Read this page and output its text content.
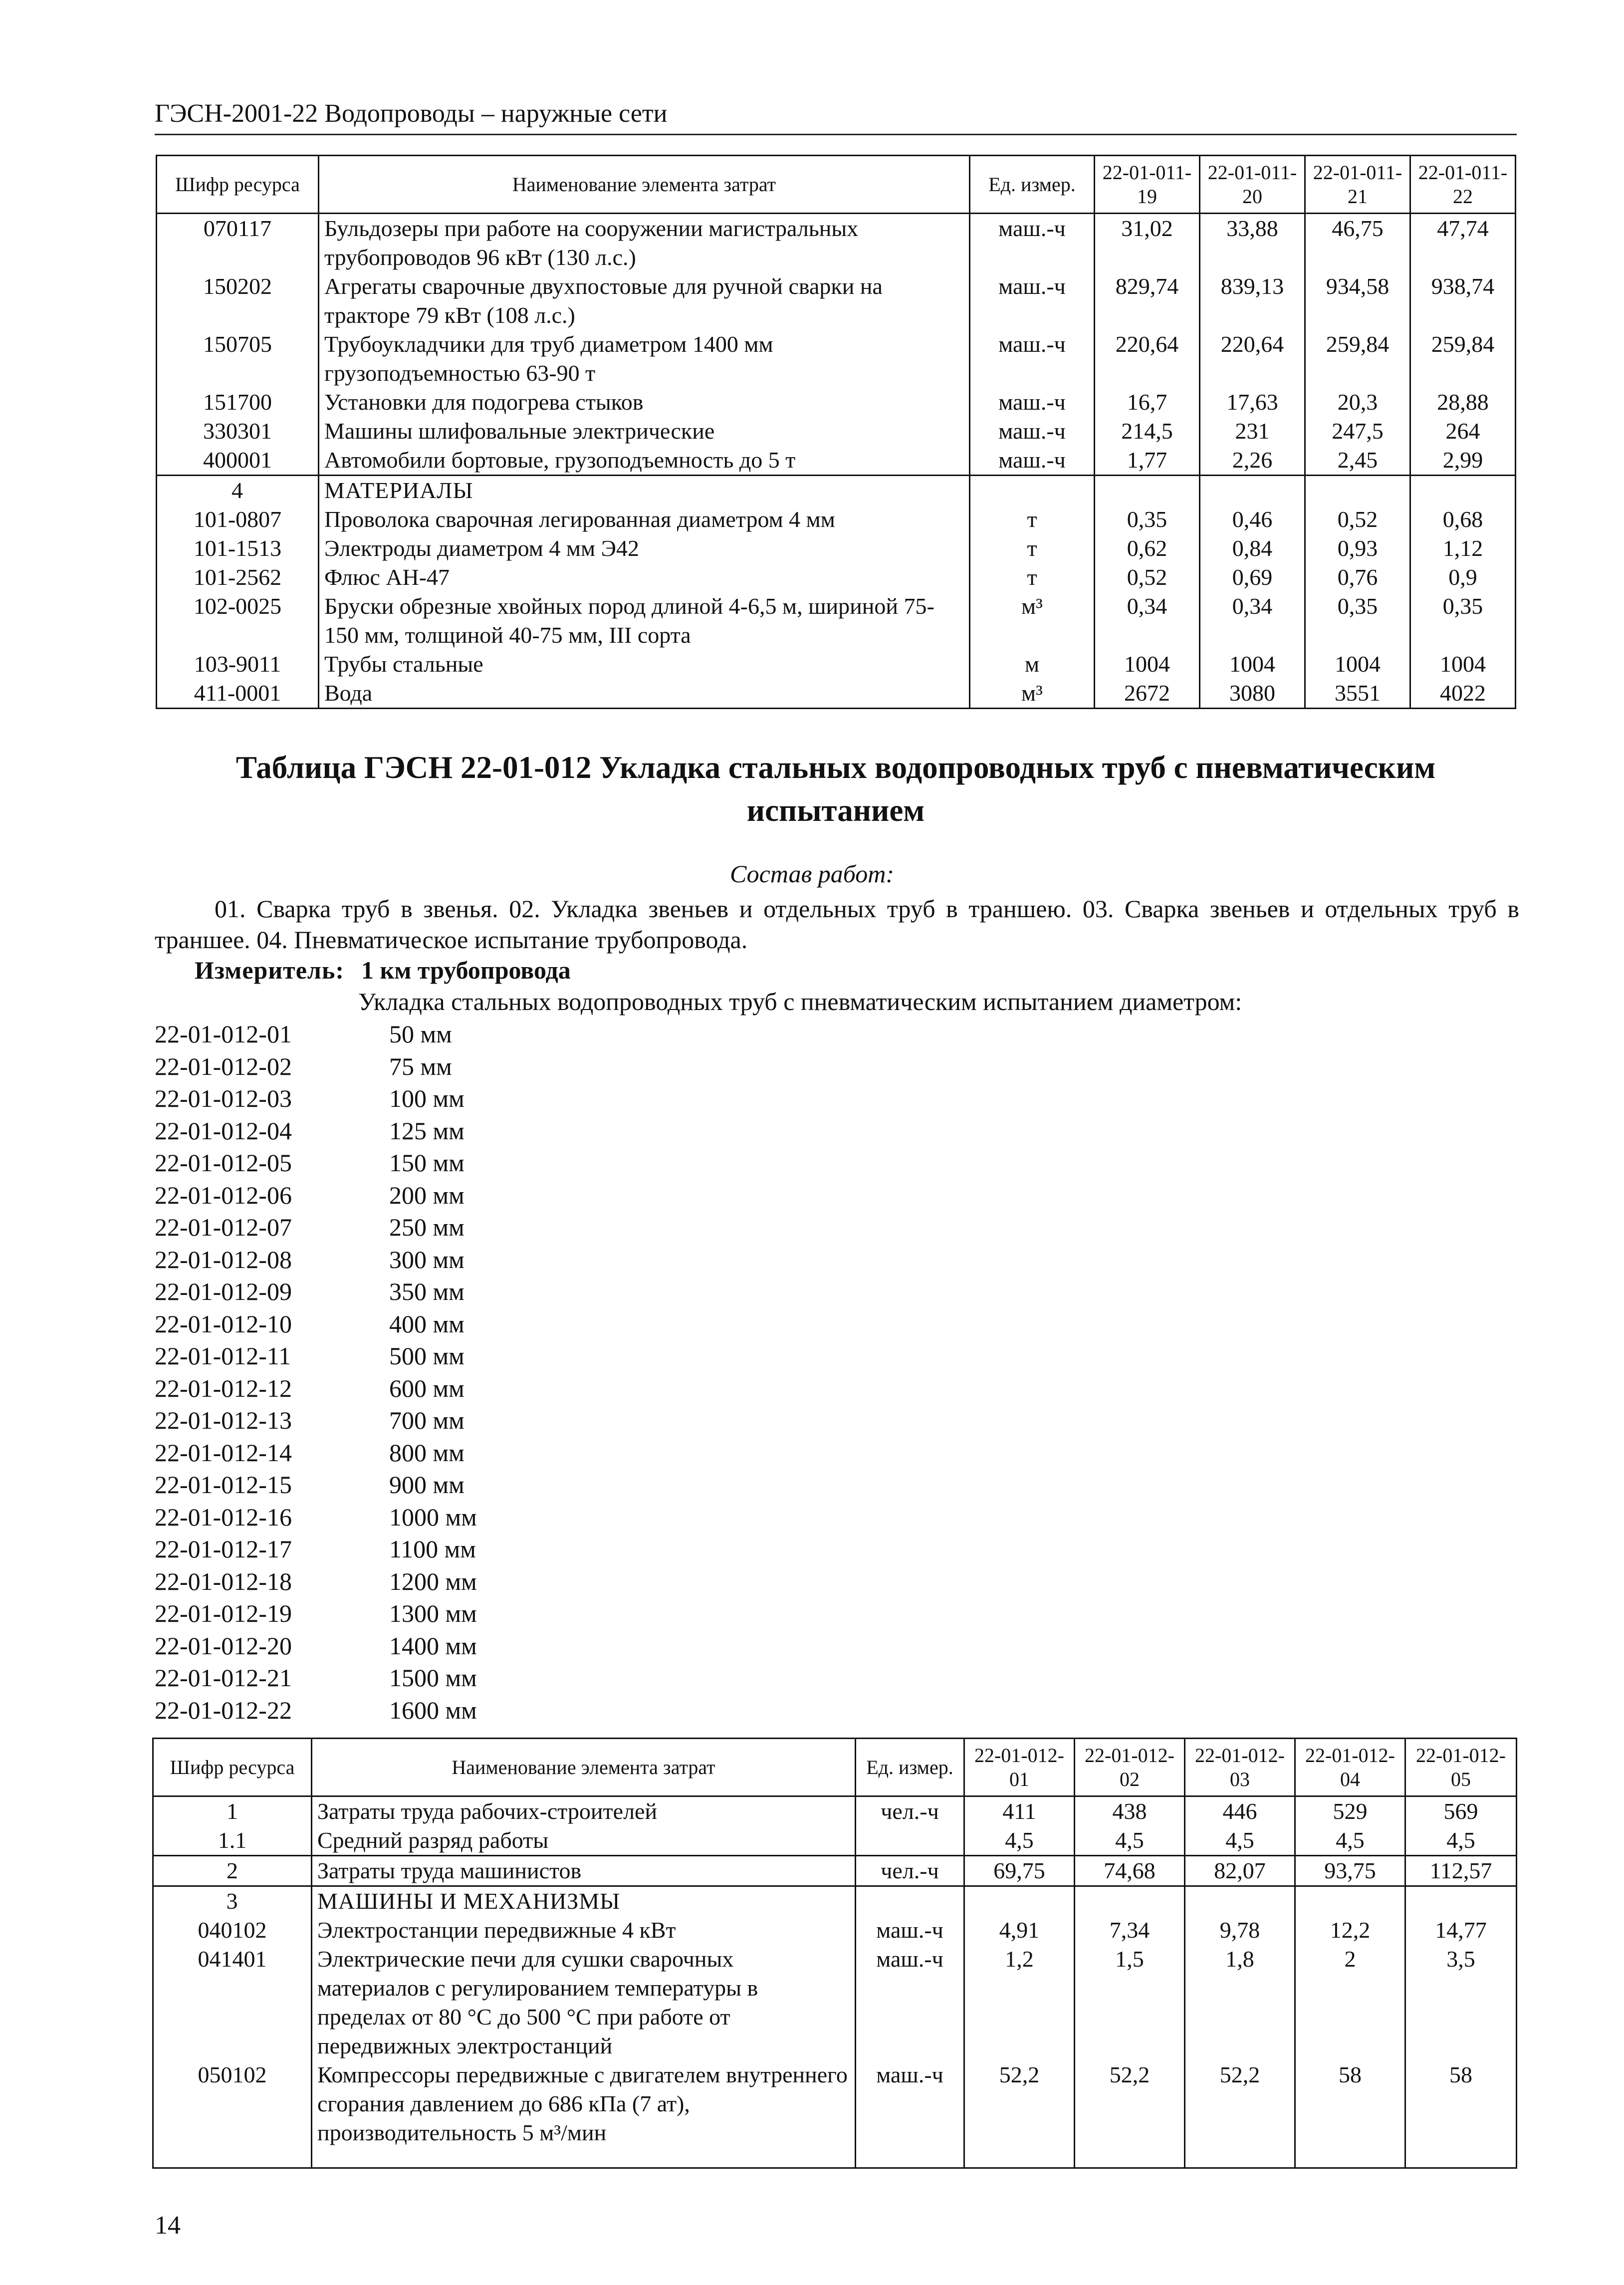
ГЭСН-2001-22 Водопроводы – наружные сети
Шифр ресурса	Наименование элемента затрат	Ед. измер.	22-01-011-19	22-01-011-20	22-01-011-21	22-01-011-22
070117	Бульдозеры при работе на сооружении магистральных трубопроводов 96 кВт (130 л.с.)	маш.-ч	31,02	33,88	46,75	47,74
150202	Агрегаты сварочные двухпостовые для ручной сварки на тракторе 79 кВт (108 л.с.)	маш.-ч	829,74	839,13	934,58	938,74
150705	Трубоукладчики для труб диаметром 1400 мм грузоподъемностью 63-90 т	маш.-ч	220,64	220,64	259,84	259,84
151700	Установки для подогрева стыков	маш.-ч	16,7	17,63	20,3	28,88
330301	Машины шлифовальные электрические	маш.-ч	214,5	231	247,5	264
400001	Автомобили бортовые, грузоподъемность до 5 т	маш.-ч	1,77	2,26	2,45	2,99
4	МАТЕРИАЛЫ					
101-0807	Проволока сварочная легированная диаметром 4 мм	т	0,35	0,46	0,52	0,68
101-1513	Электроды диаметром 4 мм Э42	т	0,62	0,84	0,93	1,12
101-2562	Флюс АН-47	т	0,52	0,69	0,76	0,9
102-0025	Бруски обрезные хвойных пород длиной 4-6,5 м, шириной 75-150 мм, толщиной 40-75 мм, III сорта	м³	0,34	0,34	0,35	0,35
103-9011	Трубы стальные	м	1004	1004	1004	1004
411-0001	Вода	м³	2672	3080	3551	4022
Таблица ГЭСН 22-01-012 Укладка стальных водопроводных труб с пневматическим испытанием
Состав работ:
01. Сварка труб в звенья. 02. Укладка звеньев и отдельных труб в траншею. 03. Сварка звеньев и отдельных труб в траншее. 04. Пневматическое испытание трубопровода.
Измеритель: 1 км трубопровода
Укладка стальных водопроводных труб с пневматическим испытанием диаметром:
22-01-012-01	50 мм
22-01-012-02	75 мм
22-01-012-03	100 мм
22-01-012-04	125 мм
22-01-012-05	150 мм
22-01-012-06	200 мм
22-01-012-07	250 мм
22-01-012-08	300 мм
22-01-012-09	350 мм
22-01-012-10	400 мм
22-01-012-11	500 мм
22-01-012-12	600 мм
22-01-012-13	700 мм
22-01-012-14	800 мм
22-01-012-15	900 мм
22-01-012-16	1000 мм
22-01-012-17	1100 мм
22-01-012-18	1200 мм
22-01-012-19	1300 мм
22-01-012-20	1400 мм
22-01-012-21	1500 мм
22-01-012-22	1600 мм
Шифр ресурса	Наименование элемента затрат	Ед. измер.	22-01-012-01	22-01-012-02	22-01-012-03	22-01-012-04	22-01-012-05
1	Затраты труда рабочих-строителей	чел.-ч	411	438	446	529	569
1.1	Средний разряд работы		4,5	4,5	4,5	4,5	4,5
2	Затраты труда машинистов	чел.-ч	69,75	74,68	82,07	93,75	112,57
3	МАШИНЫ И МЕХАНИЗМЫ						
040102	Электростанции передвижные 4 кВт	маш.-ч	4,91	7,34	9,78	12,2	14,77
041401	Электрические печи для сушки сварочных материалов с регулированием температуры в пределах от 80 °С до 500 °С при работе от передвижных электростанций	маш.-ч	1,2	1,5	1,8	2	3,5
050102	Компрессоры передвижные с двигателем внутреннего сгорания давлением до 686 кПа (7 ат), производительность 5 м³/мин	маш.-ч	52,2	52,2	52,2	58	58
14
